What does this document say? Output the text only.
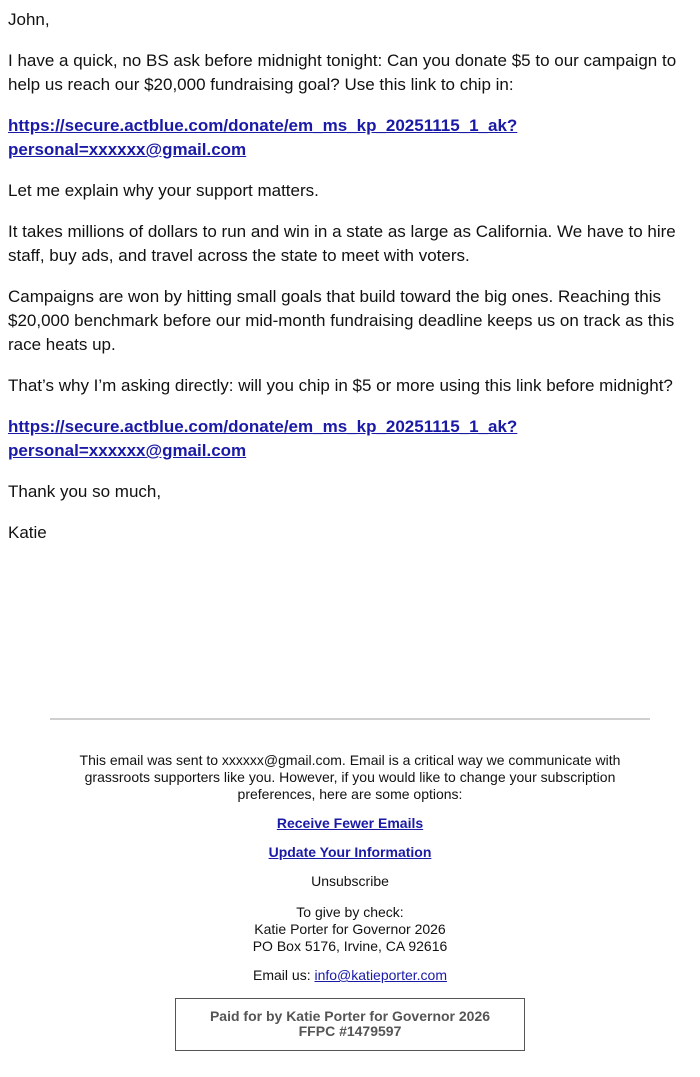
John,

I have a quick, no BS ask before midnight tonight: Can you donate $5 to our campaign to help us reach our $20,000 fundraising goal? Use this link to chip in:

https://secure.actblue.com/donate/em_ms_kp_20251115_1_ak?
personal=xxxxxx@gmail.com

Let me explain why your support matters.

It takes millions of dollars to run and win in a state as large as California. We have to hire staff, buy ads, and travel across the state to meet with voters.

Campaigns are won by hitting small goals that build toward the big ones. Reaching this $20,000 benchmark before our mid-month fundraising deadline keeps us on track as this race heats up.

That’s why I’m asking directly: will you chip in $5 or more using this link before midnight?

https://secure.actblue.com/donate/em_ms_kp_20251115_1_ak?
personal=xxxxxx@gmail.com

Thank you so much,

Katie

This email was sent to xxxxxx@gmail.com. Email is a critical way we communicate with grassroots supporters like you. However, if you would like to change your subscription preferences, here are some options:

Receive Fewer Emails
Update Your Information

Unsubscribe

To give by check:
Katie Porter for Governor 2026
PO Box 5176, Irvine, CA 92616

Email us: info@katieporter.com

Paid for by Katie Porter for Governor 2026
FFPC #1479597
